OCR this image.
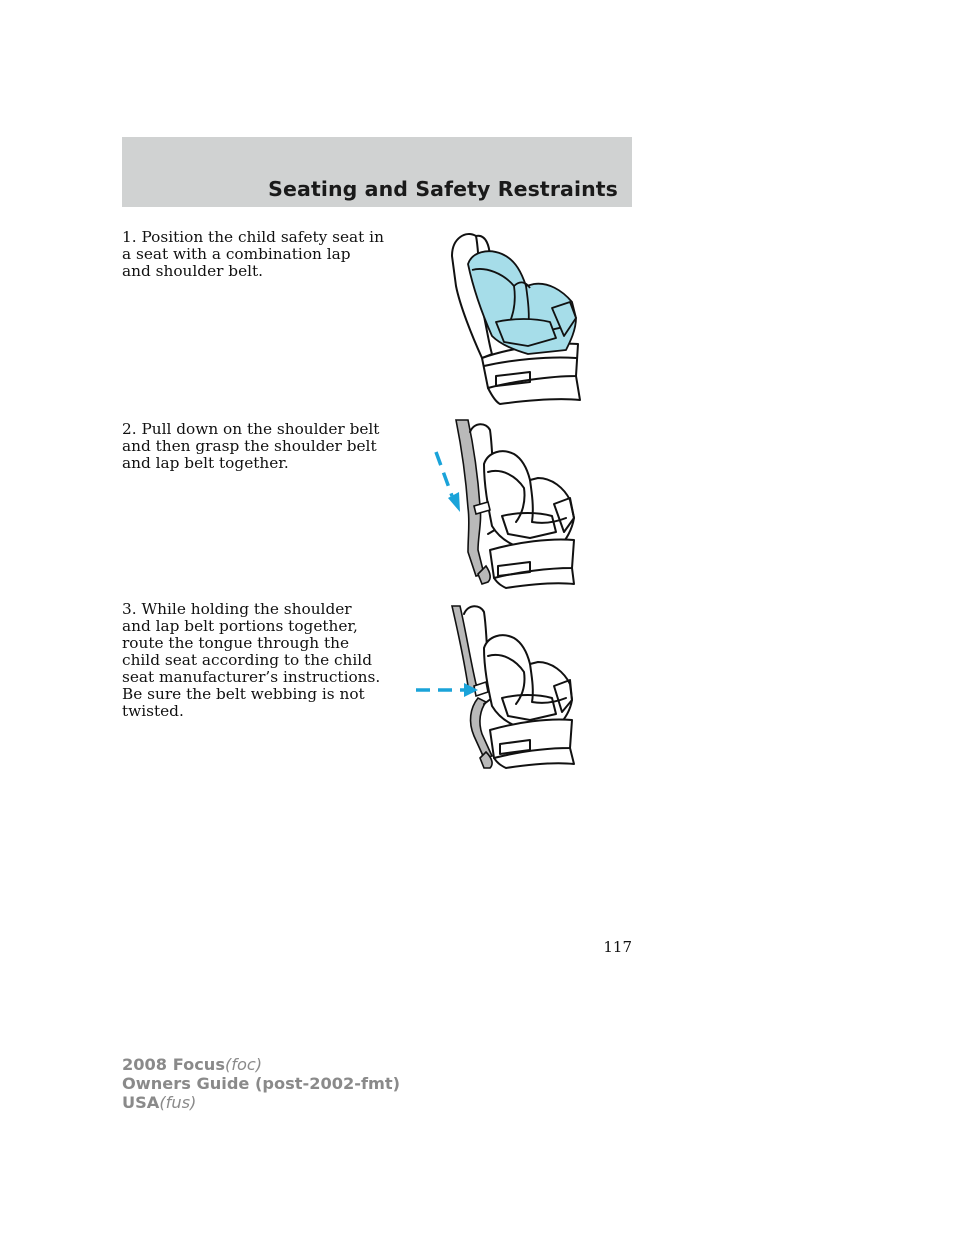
Seating and Safety Restraints

1. Position the child safety seat in a seat with a combination lap and shoulder belt.

2. Pull down on the shoulder belt and then grasp the shoulder belt and lap belt together.

3. While holding the shoulder and lap belt portions together, route the tongue through the child seat according to the child seat manufacturer’s instructions. Be sure the belt webbing is not twisted.

117
2008 Focus(foc)
Owners Guide (post-2002-fmt)
USA(fus)
